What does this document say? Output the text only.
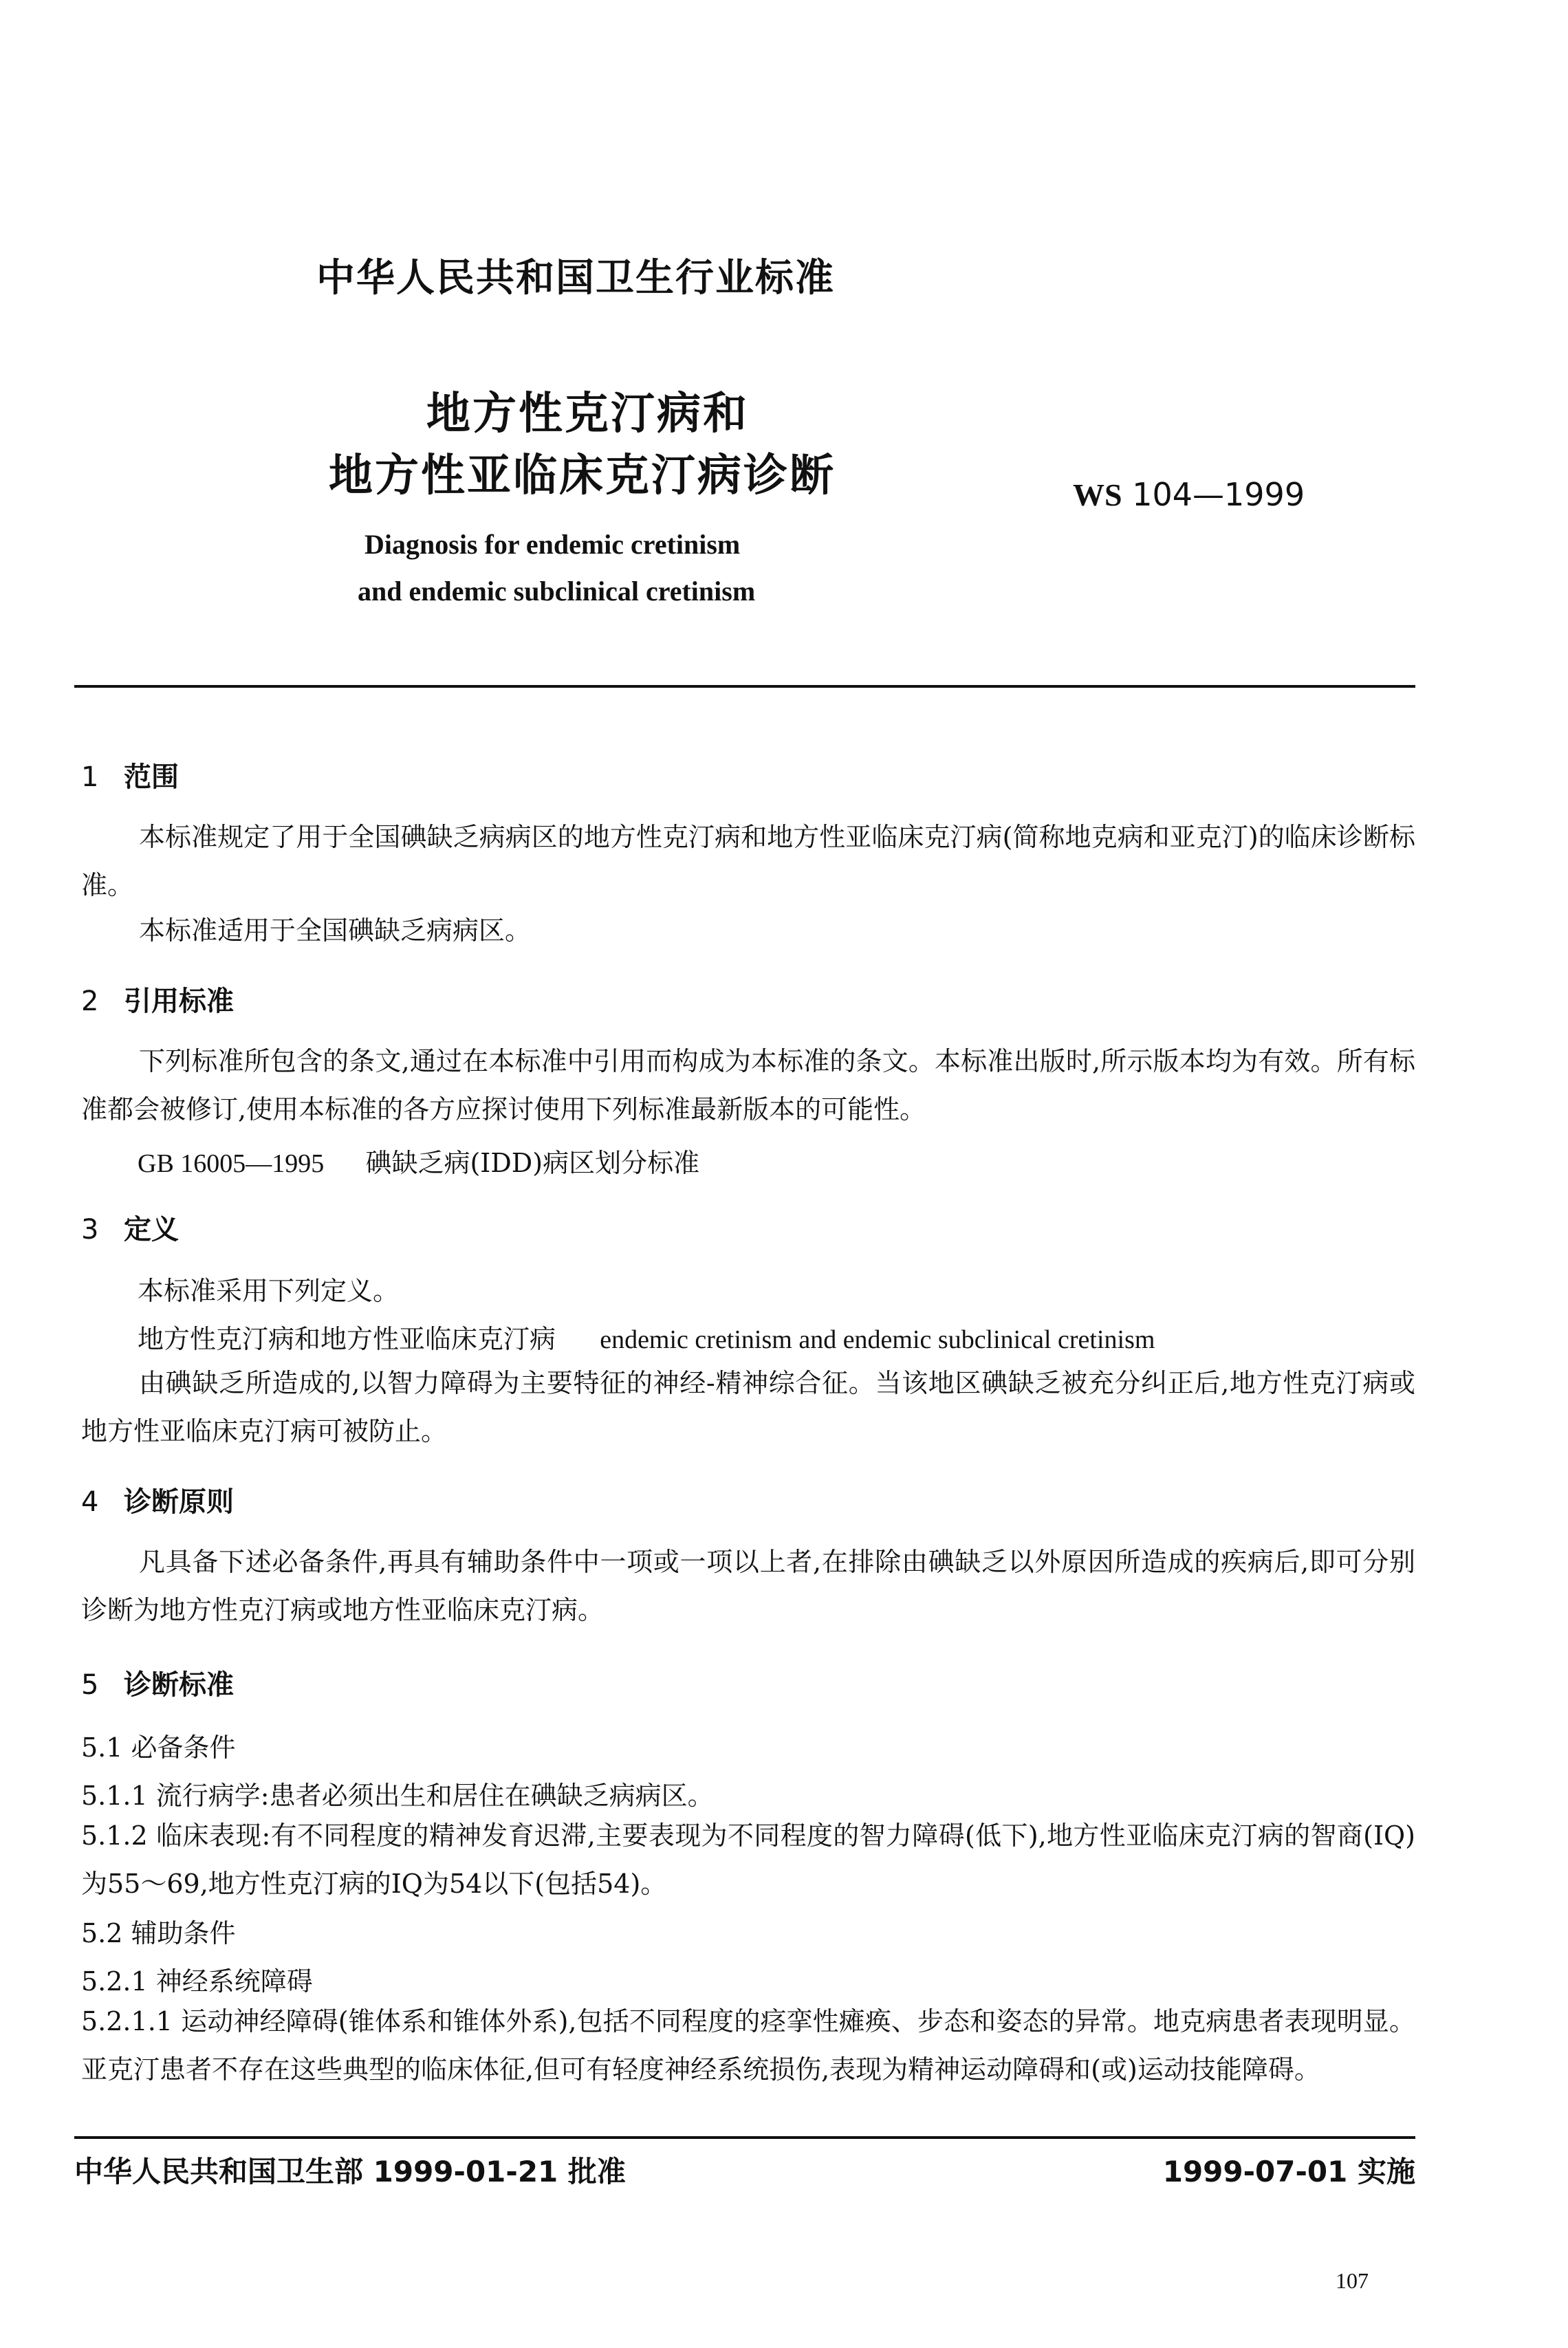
中华人民共和国卫生行业标准
地方性克汀病和
地方性亚临床克汀病诊断	WS 104—1999
Diagnosis for endemic cretinism
and endemic subclinical cretinism
1 范围
本标准规定了用于全国碘缺乏病病区的地方性克汀病和地方性亚临床克汀病(简称地克病和亚克汀)的临床诊断标准。
本标准适用于全国碘缺乏病病区。
2 引用标准
下列标准所包含的条文,通过在本标准中引用而构成为本标准的条文。本标准出版时,所示版本均为有效。所有标准都会被修订,使用本标准的各方应探讨使用下列标准最新版本的可能性。
GB 16005—1995 碘缺乏病(IDD)病区划分标准
3 定义
本标准采用下列定义。
地方性克汀病和地方性亚临床克汀病 endemic cretinism and endemic subclinical cretinism
由碘缺乏所造成的,以智力障碍为主要特征的神经-精神综合征。当该地区碘缺乏被充分纠正后,地方性克汀病或地方性亚临床克汀病可被防止。
4 诊断原则
凡具备下述必备条件,再具有辅助条件中一项或一项以上者,在排除由碘缺乏以外原因所造成的疾病后,即可分别诊断为地方性克汀病或地方性亚临床克汀病。
5 诊断标准
5.1 必备条件
5.1.1 流行病学:患者必须出生和居住在碘缺乏病病区。
5.1.2 临床表现:有不同程度的精神发育迟滞,主要表现为不同程度的智力障碍(低下),地方性亚临床克汀病的智商(IQ)为55～69,地方性克汀病的IQ为54以下(包括54)。
5.2 辅助条件
5.2.1 神经系统障碍
5.2.1.1 运动神经障碍(锥体系和锥体外系),包括不同程度的痉挛性瘫痪、步态和姿态的异常。地克病患者表现明显。亚克汀患者不存在这些典型的临床体征,但可有轻度神经系统损伤,表现为精神运动障碍和(或)运动技能障碍。
中华人民共和国卫生部 1999-01-21 批准	1999-07-01 实施
107
